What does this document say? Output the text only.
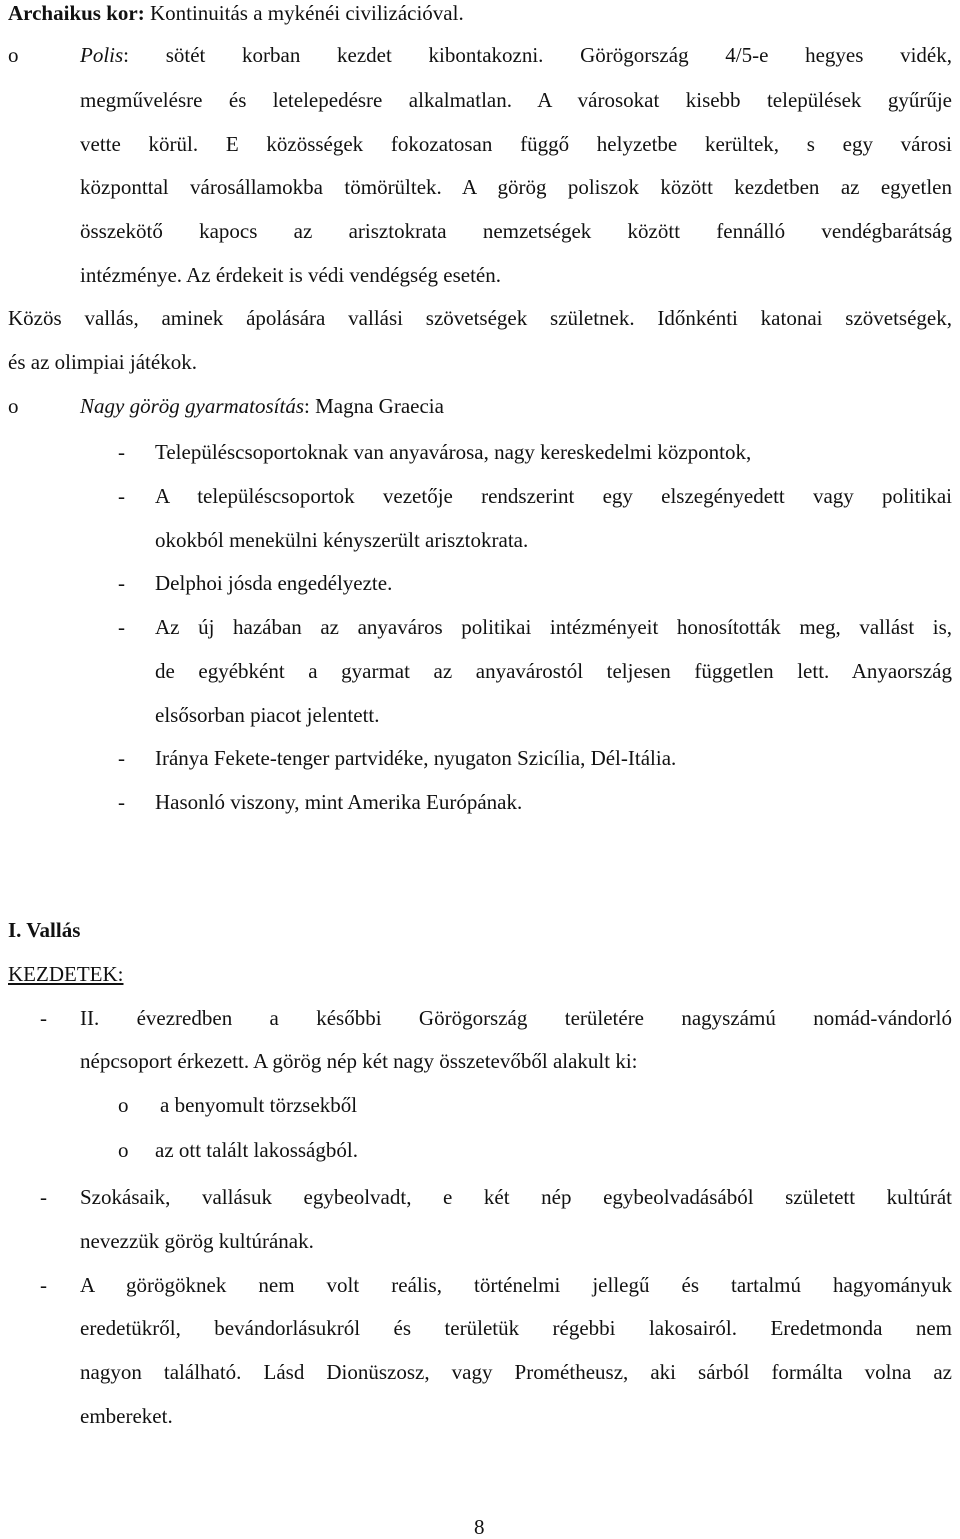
Archaikus kor: Kontinuitás a mykénéi civilizációval.
o	Polis: sötét korban kezdet kibontakozni. Görögország 4/5-e hegyes vidék,
megművelésre és letelepedésre alkalmatlan. A városokat kisebb települések gyűrűje
vette körül. E közösségek fokozatosan függő helyzetbe kerültek, s egy városi
központtal városállamokba tömörültek. A görög poliszok között kezdetben az egyetlen
összekötő kapocs az arisztokrata nemzetségek között fennálló vendégbarátság
intézménye. Az érdekeit is védi vendégség esetén.
Közös vallás, aminek ápolására vallási szövetségek születnek. Időnkénti katonai szövetségek,
és az olimpiai játékok.
o	Nagy görög gyarmatosítás: Magna Graecia
- Településcsoportoknak van anyavárosa, nagy kereskedelmi központok,
- A településcsoportok vezetője rendszerint egy elszegényedett vagy politikai
okokból menekülni kényszerült arisztokrata.
- Delphoi jósda engedélyezte.
- Az új hazában az anyaváros politikai intézményeit honosították meg, vallást is,
de egyébként a gyarmat az anyavárostól teljesen független lett. Anyaország
elsősorban piacot jelentett.
- Iránya Fekete-tenger partvidéke, nyugaton Szicília, Dél-Itália.
- Hasonló viszony, mint Amerika Európának.
I. Vallás
KEZDETEK:
- II. évezredben a későbbi Görögország területére nagyszámú nomád-vándorló
népcsoport érkezett. A görög nép két nagy összetevőből alakult ki:
o a benyomult törzsekből
o az ott talált lakosságból.
- Szokásaik, vallásuk egybeolvadt, e két nép egybeolvadásából született kultúrát
nevezzük görög kultúrának.
- A görögöknek nem volt reális, történelmi jellegű és tartalmú hagyományuk
eredetükről, bevándorlásukról és területük régebbi lakosairól. Eredetmonda nem
nagyon található. Lásd Dionüszosz, vagy Prométheusz, aki sárból formálta volna az
embereket.
8
